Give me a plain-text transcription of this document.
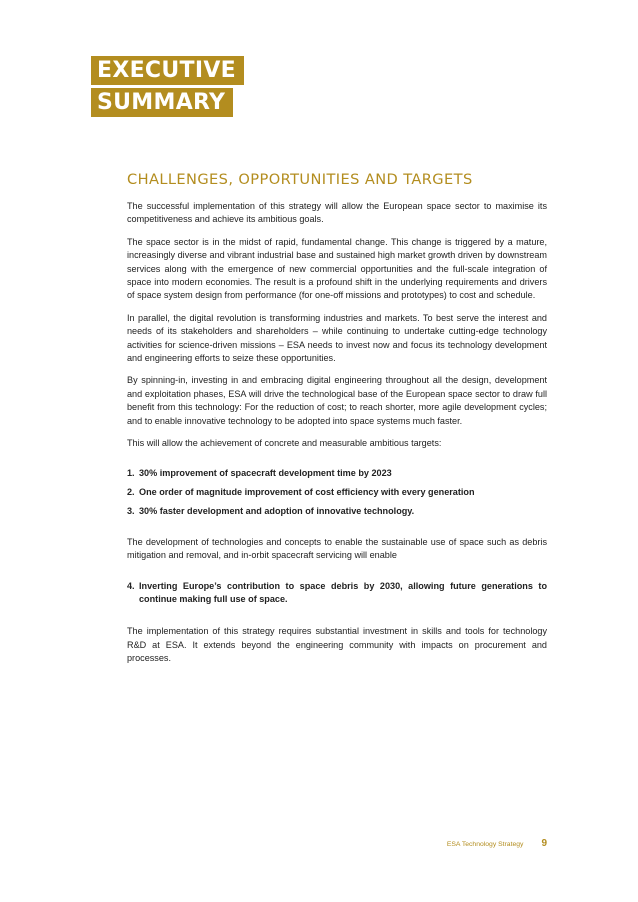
EXECUTIVE
SUMMARY
CHALLENGES, OPPORTUNITIES AND TARGETS

The successful implementation of this strategy will allow the European space sector to maximise its competitiveness and achieve its ambitious goals.

The space sector is in the midst of rapid, fundamental change. This change is triggered by a mature, increasingly diverse and vibrant industrial base and sustained high market growth driven by downstream services along with the emergence of new commercial opportunities and the full-scale integration of space into modern economies. The result is a profound shift in the underlying requirements and drivers of space system design from performance (for one-off missions and prototypes) to cost and schedule.

In parallel, the digital revolution is transforming industries and markets. To best serve the interest and needs of its stakeholders and shareholders – while continuing to undertake cutting-edge technology activities for science-driven missions – ESA needs to invest now and focus its technology development and engineering efforts to seize these opportunities.

By spinning-in, investing in and embracing digital engineering throughout all the design, development and exploitation phases, ESA will drive the technological base of the European space sector to draw full benefit from this technology: For the reduction of cost; to reach shorter, more agile development cycles; and to enable innovative technology to be adopted into space systems much faster.

This will allow the achievement of concrete and measurable ambitious targets:

1. 30% improvement of spacecraft development time by 2023
2. One order of magnitude improvement of cost efficiency with every generation
3. 30% faster development and adoption of innovative technology.

The development of technologies and concepts to enable the sustainable use of space such as debris mitigation and removal, and in-orbit spacecraft servicing will enable

4. Inverting Europe’s contribution to space debris by 2030, allowing future generations to continue making full use of space.

The implementation of this strategy requires substantial investment in skills and tools for technology R&D at ESA. It extends beyond the engineering community with impacts on procurement and processes.

ESA Technology Strategy 9
